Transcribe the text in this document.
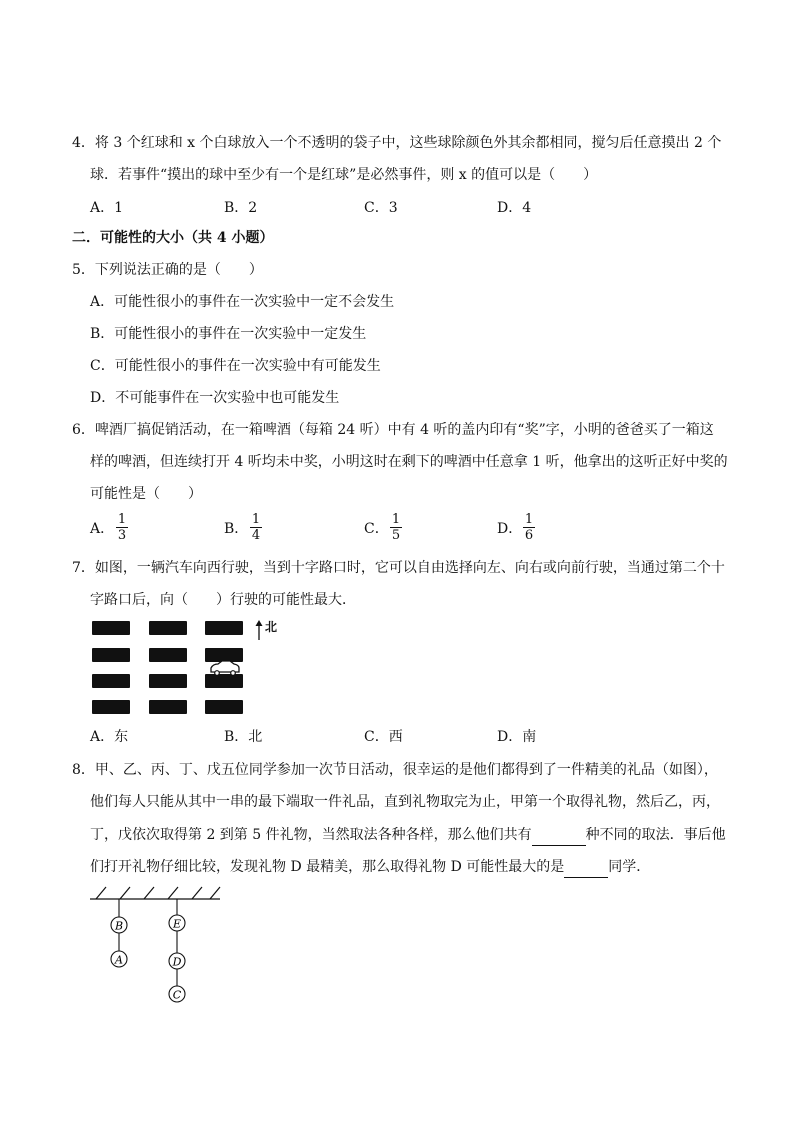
4．将 3 个红球和 x 个白球放入一个不透明的袋子中，这些球除颜色外其余都相同，搅匀后任意摸出 2 个
球．若事件“摸出的球中至少有一个是红球”是必然事件，则 x 的值可以是（　　）
A．1	B．2	C．3	D．4
二．可能性的大小（共 4 小题）
5．下列说法正确的是（　　）
A．可能性很小的事件在一次实验中一定不会发生
B．可能性很小的事件在一次实验中一定发生
C．可能性很小的事件在一次实验中有可能发生
D．不可能事件在一次实验中也可能发生
6．啤酒厂搞促销活动，在一箱啤酒（每箱 24 听）中有 4 听的盖内印有“奖”字，小明的爸爸买了一箱这
样的啤酒，但连续打开 4 听均未中奖，小明这时在剩下的啤酒中任意拿 1 听，他拿出的这听正好中奖的
可能性是（　　）
A．
1
3	B．
1
4	C．
1
5	D．
1
6
7．如图，一辆汽车向西行驶，当到十字路口时，它可以自由选择向左、向右或向前行驶，当通过第二个十
字路口后，向（　　）行驶的可能性最大．
北
A．东	B．北	C．西	D．南
8．甲、乙、丙、丁、戊五位同学参加一次节日活动，很幸运的是他们都得到了一件精美的礼品（如图），
他们每人只能从其中一串的最下端取一件礼品，直到礼物取完为止，甲第一个取得礼物，然后乙，丙，
丁，戊依次取得第 2 到第 5 件礼物，当然取法各种各样，那么他们共有	种不同的取法．事后他
们打开礼物仔细比较，发现礼物 D 最精美，那么取得礼物 D 可能性最大的是	同学．
B
A
E
D
C
